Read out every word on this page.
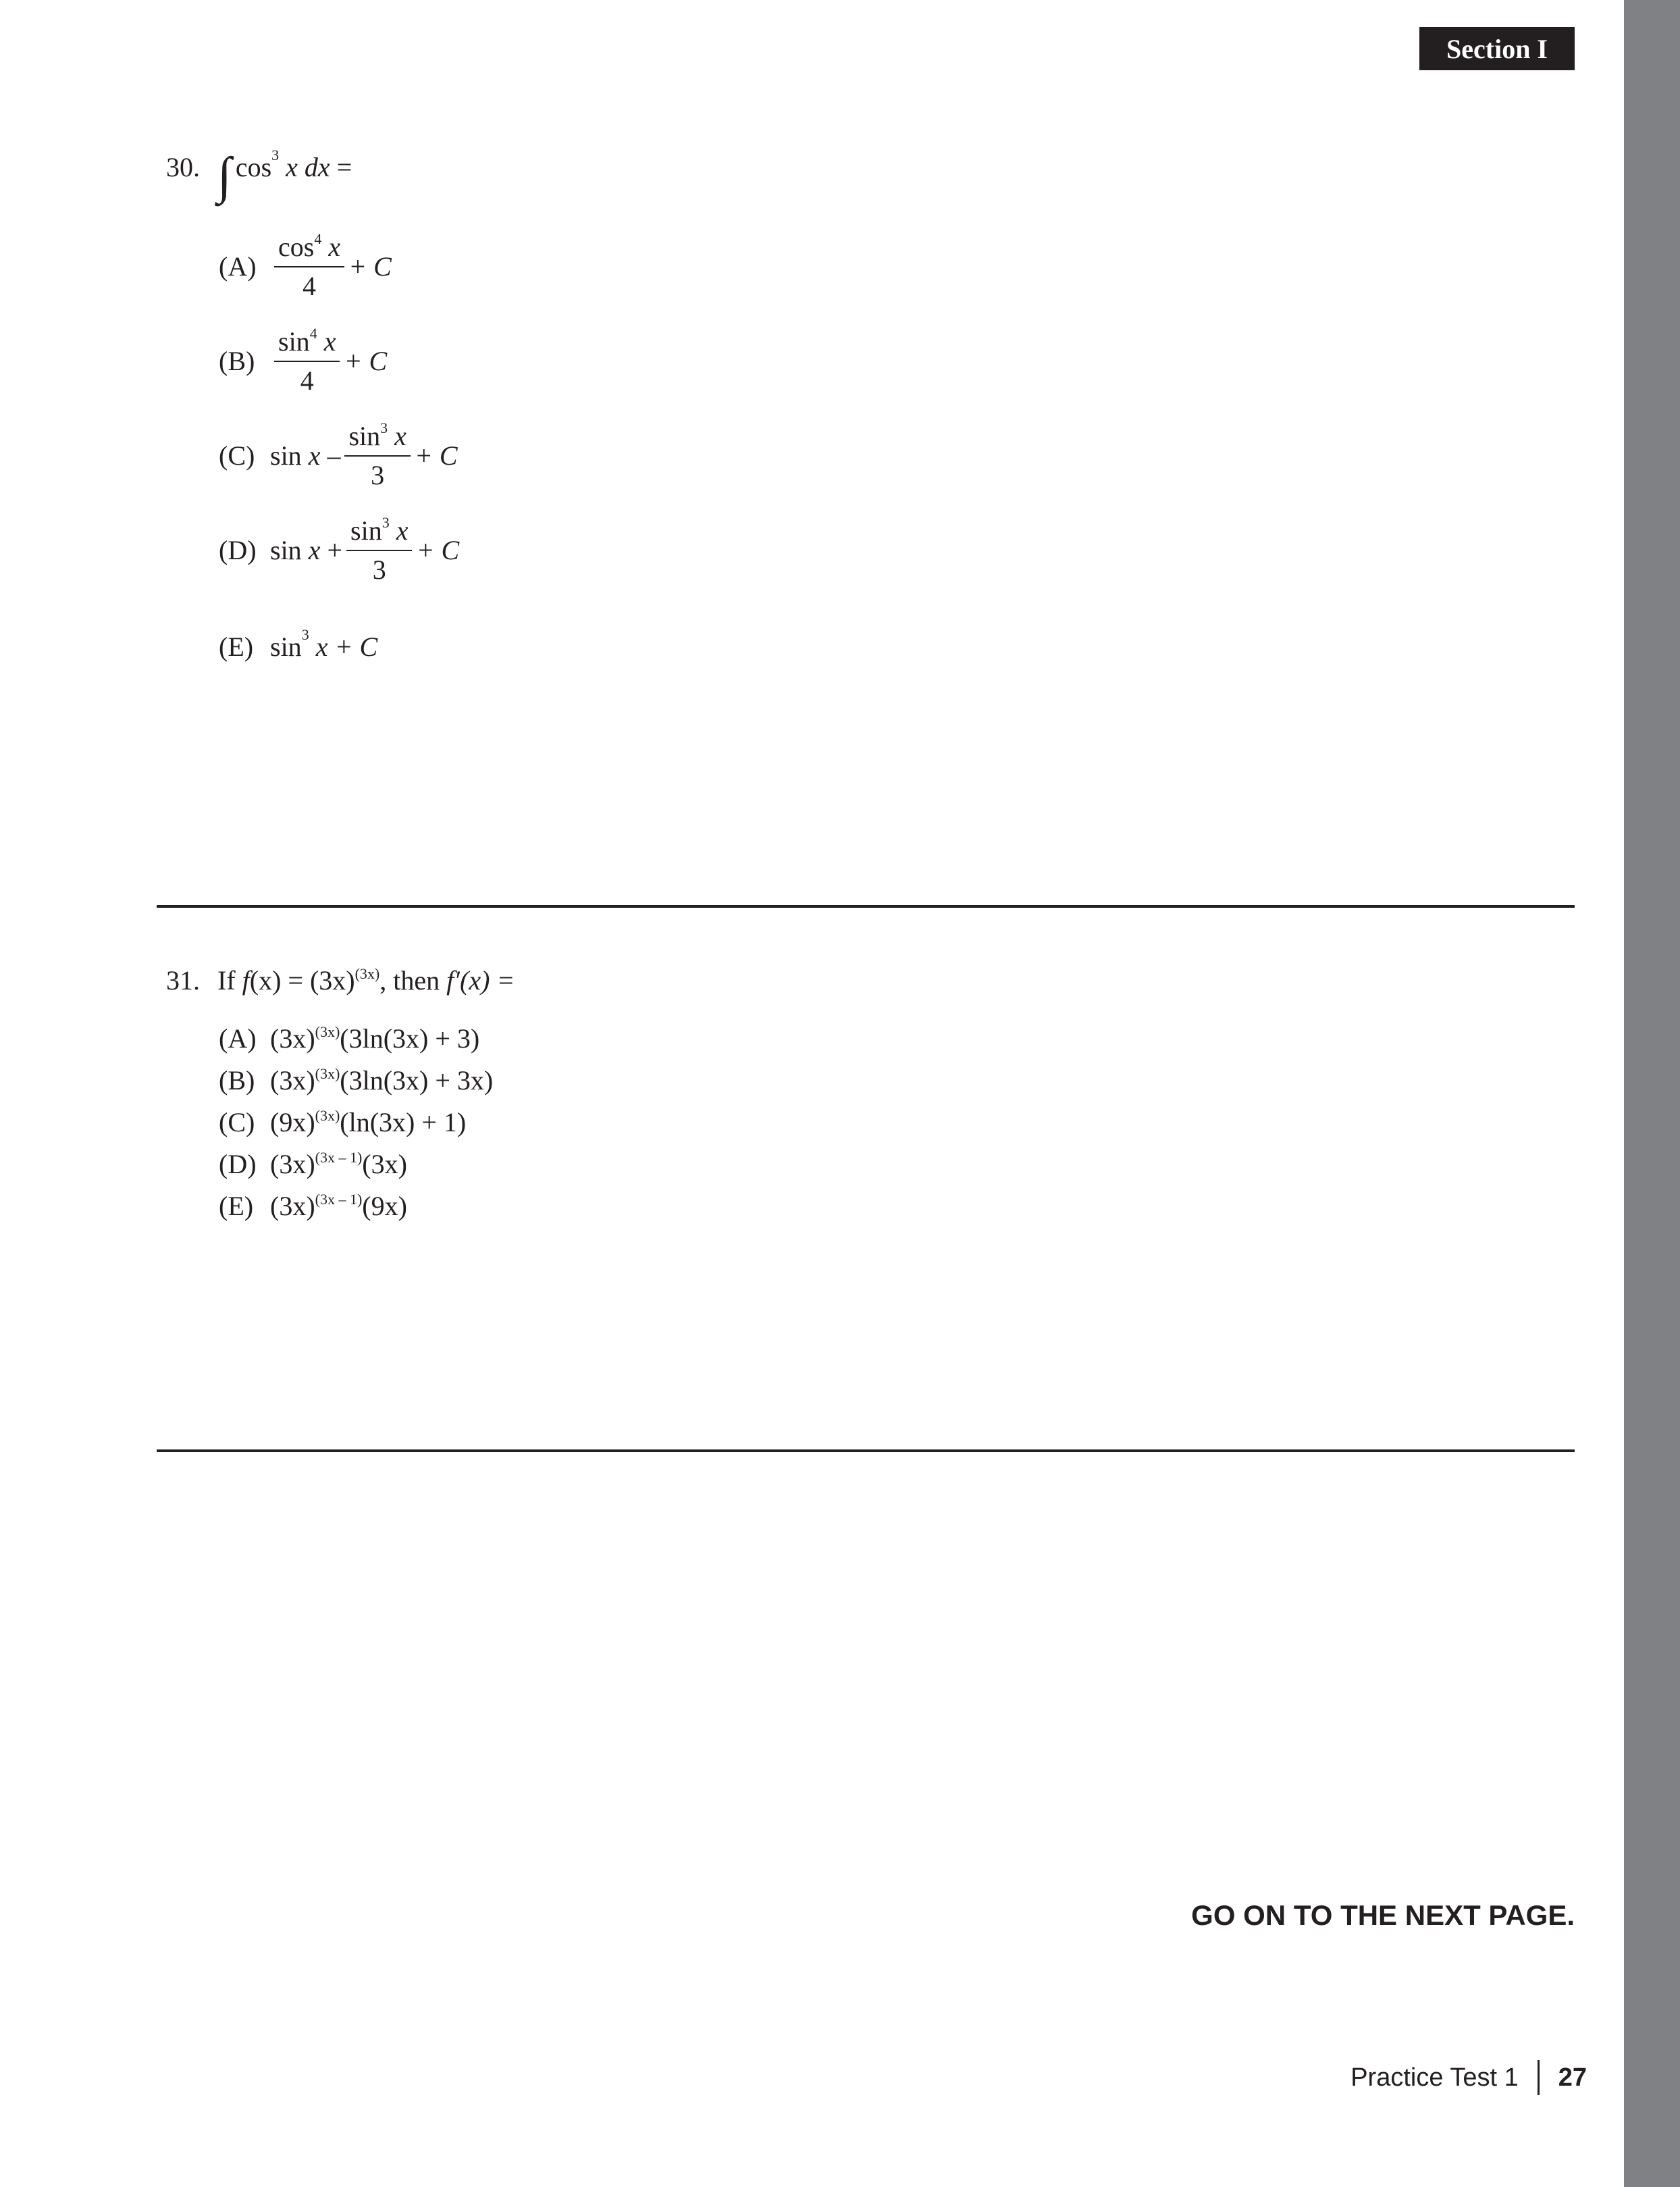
Section I
30. ∫ $\cos^3$
x
dx
=
$(A) \frac{\cos^4 x}{4} + C$
$(B) \frac{\sin^4 x}{4} + C$
(C) sin
x
– $\frac{\sin^3 x}{3} + C$
(D) sin
x
+ $\frac{\sin^3 x}{3} + C$
(E) $\sin^3$
x
+ C
31. If $f(x) = (3x)^{(3x)}$, then f′(x) =
(A) $(3x)^{(3x)}(3\ln(3x) + 3)$
(B) $(3x)^{(3x)}(3\ln(3x) + 3x)$
(C) $(9x)^{(3x)}(\ln(3x) + 1)$
(D) $(3x)^{(3x - 1)}(3x)$
(E) $(3x)^{(3x - 1)}(9x)$
GO ON TO THE NEXT PAGE.
Practice Test 1 27
